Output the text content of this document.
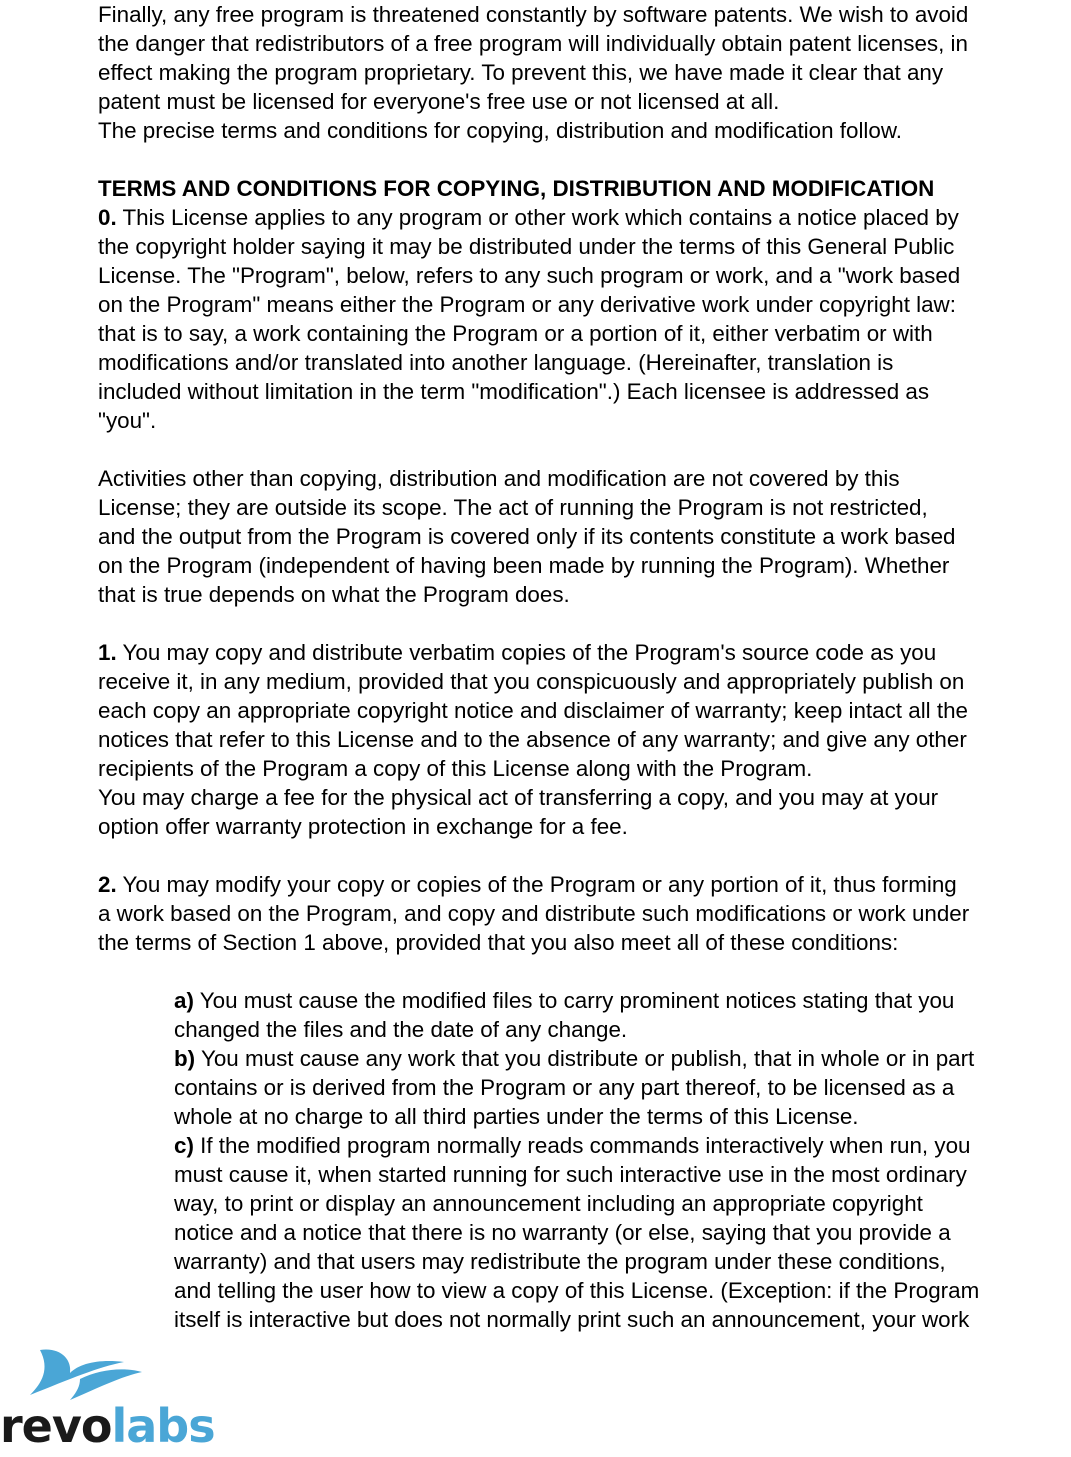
Finally, any free program is threatened constantly by software patents. We wish to avoid
the danger that redistributors of a free program will individually obtain patent licenses, in
effect making the program proprietary. To prevent this, we have made it clear that any
patent must be licensed for everyone's free use or not licensed at all.
The precise terms and conditions for copying, distribution and modification follow.
TERMS AND CONDITIONS FOR COPYING, DISTRIBUTION AND MODIFICATION
0. This License applies to any program or other work which contains a notice placed by
the copyright holder saying it may be distributed under the terms of this General Public
License. The "Program", below, refers to any such program or work, and a "work based
on the Program" means either the Program or any derivative work under copyright law:
that is to say, a work containing the Program or a portion of it, either verbatim or with
modifications and/or translated into another language. (Hereinafter, translation is
included without limitation in the term "modification".) Each licensee is addressed as
"you".
Activities other than copying, distribution and modification are not covered by this
License; they are outside its scope. The act of running the Program is not restricted,
and the output from the Program is covered only if its contents constitute a work based
on the Program (independent of having been made by running the Program). Whether
that is true depends on what the Program does.
1. You may copy and distribute verbatim copies of the Program's source code as you
receive it, in any medium, provided that you conspicuously and appropriately publish on
each copy an appropriate copyright notice and disclaimer of warranty; keep intact all the
notices that refer to this License and to the absence of any warranty; and give any other
recipients of the Program a copy of this License along with the Program.
You may charge a fee for the physical act of transferring a copy, and you may at your
option offer warranty protection in exchange for a fee.
2. You may modify your copy or copies of the Program or any portion of it, thus forming
a work based on the Program, and copy and distribute such modifications or work under
the terms of Section 1 above, provided that you also meet all of these conditions:
a) You must cause the modified files to carry prominent notices stating that you
changed the files and the date of any change.
b) You must cause any work that you distribute or publish, that in whole or in part
contains or is derived from the Program or any part thereof, to be licensed as a
whole at no charge to all third parties under the terms of this License.
c) If the modified program normally reads commands interactively when run, you
must cause it, when started running for such interactive use in the most ordinary
way, to print or display an announcement including an appropriate copyright
notice and a notice that there is no warranty (or else, saying that you provide a
warranty) and that users may redistribute the program under these conditions,
and telling the user how to view a copy of this License. (Exception: if the Program
itself is interactive but does not normally print such an announcement, your work
revolabs
